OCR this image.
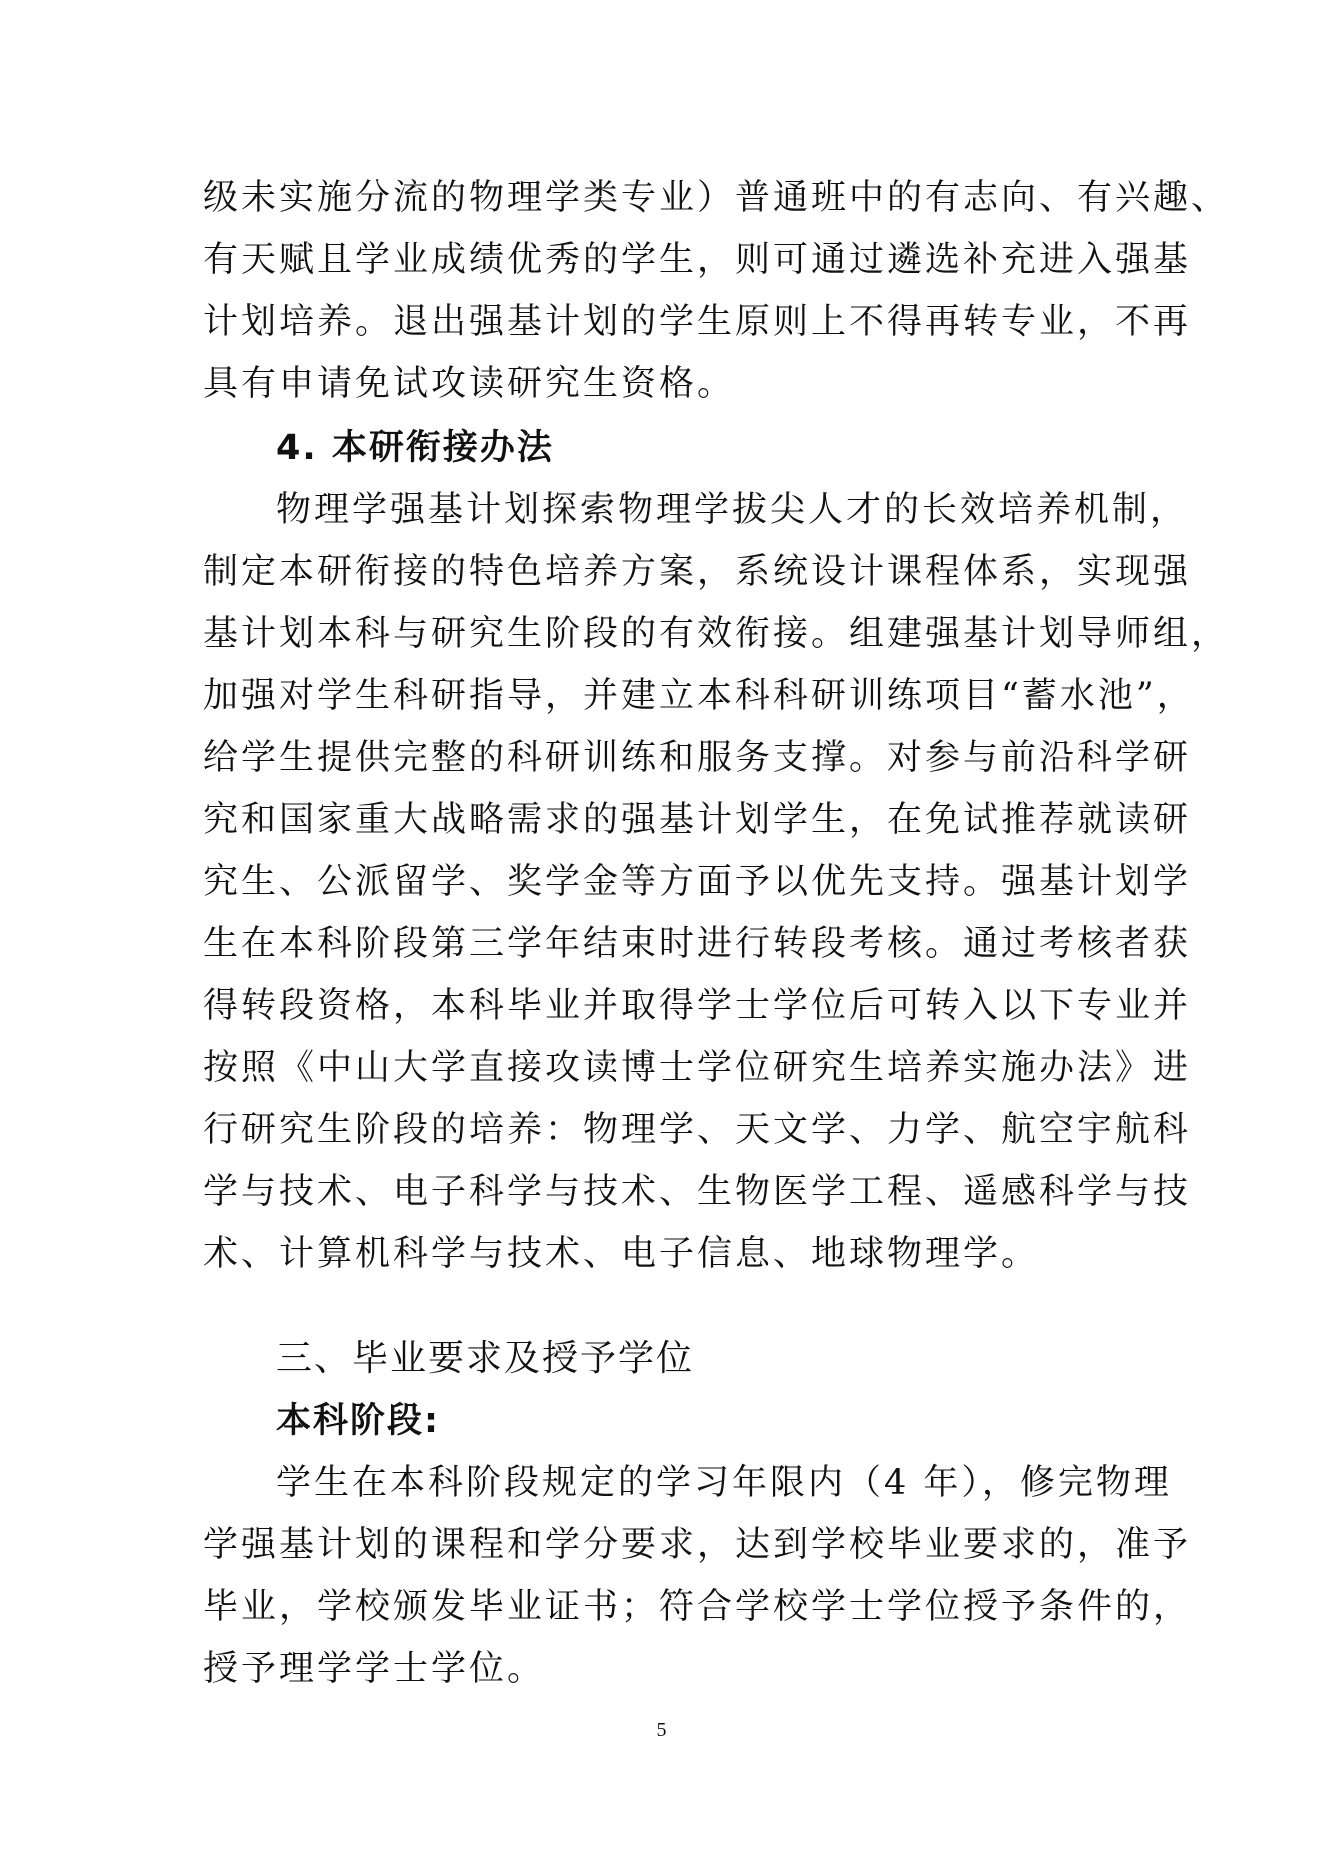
级未实施分流的物理学类专业）普通班中的有志向、有兴趣、
有天赋且学业成绩优秀的学生，则可通过遴选补充进入强基
计划培养。退出强基计划的学生原则上不得再转专业，不再
具有申请免试攻读研究生资格。
4. 本研衔接办法
物理学强基计划探索物理学拔尖人才的长效培养机制，
制定本研衔接的特色培养方案，系统设计课程体系，实现强
基计划本科与研究生阶段的有效衔接。组建强基计划导师组，
加强对学生科研指导，并建立本科科研训练项目“蓄水池”，
给学生提供完整的科研训练和服务支撑。对参与前沿科学研
究和国家重大战略需求的强基计划学生，在免试推荐就读研
究生、公派留学、奖学金等方面予以优先支持。强基计划学
生在本科阶段第三学年结束时进行转段考核。通过考核者获
得转段资格，本科毕业并取得学士学位后可转入以下专业并
按照《中山大学直接攻读博士学位研究生培养实施办法》进
行研究生阶段的培养：物理学、天文学、力学、航空宇航科
学与技术、电子科学与技术、生物医学工程、遥感科学与技
术、计算机科学与技术、电子信息、地球物理学。
三、毕业要求及授予学位
本科阶段:
学生在本科阶段规定的学习年限内（4 年），修完物理
学强基计划的课程和学分要求，达到学校毕业要求的，准予
毕业，学校颁发毕业证书；符合学校学士学位授予条件的，
授予理学学士学位。
5
